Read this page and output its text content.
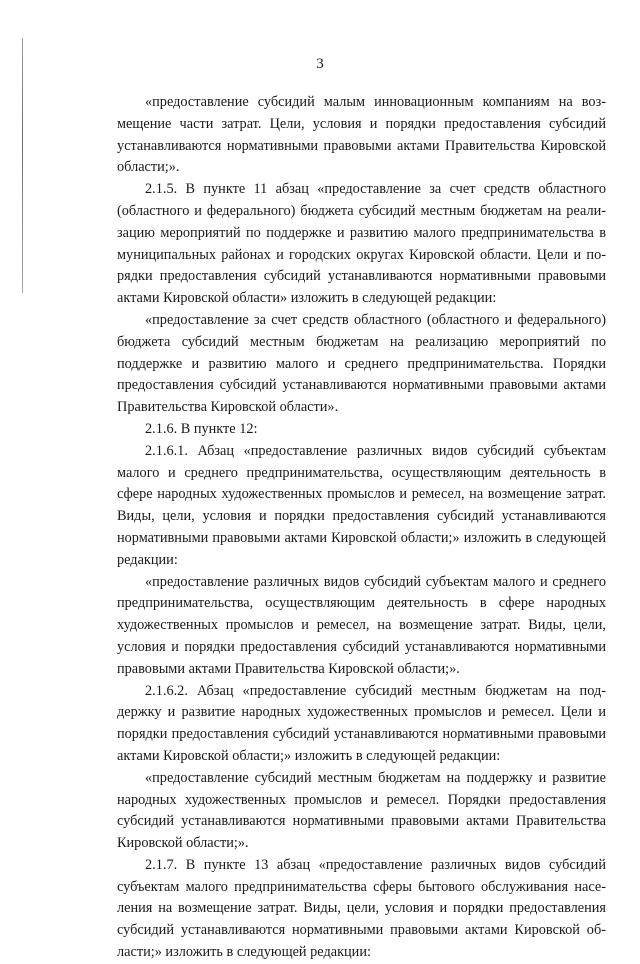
3

«предоставление субсидий малым инновационным компаниям на возмещение части затрат. Цели, условия и порядки предоставления субсидий устанавливаются нормативными правовыми актами Правительства Кировской области;».

2.1.5. В пункте 11 абзац «предоставление за счет средств областного (областного и федерального) бюджета субсидий местным бюджетам на реализацию мероприятий по поддержке и развитию малого предпринимательства в муниципальных районах и городских округах Кировской области. Цели и порядки предоставления субсидий устанавливаются нормативными правовыми актами Кировской области» изложить в следующей редакции:

«предоставление за счет средств областного (областного и федерального) бюджета субсидий местным бюджетам на реализацию мероприятий по поддержке и развитию малого и среднего предпринимательства. Порядки предоставления субсидий устанавливаются нормативными правовыми актами Правительства Кировской области».

2.1.6. В пункте 12:

2.1.6.1. Абзац «предоставление различных видов субсидий субъектам малого и среднего предпринимательства, осуществляющим деятельность в сфере народных художественных промыслов и ремесел, на возмещение затрат. Виды, цели, условия и порядки предоставления субсидий устанавливаются нормативными правовыми актами Кировской области;» изложить в следующей редакции:

«предоставление различных видов субсидий субъектам малого и среднего предпринимательства, осуществляющим деятельность в сфере народных художественных промыслов и ремесел, на возмещение затрат. Виды, цели, условия и порядки предоставления субсидий устанавливаются нормативными правовыми актами Правительства Кировской области;».

2.1.6.2. Абзац «предоставление субсидий местным бюджетам на поддержку и развитие народных художественных промыслов и ремесел. Цели и порядки предоставления субсидий устанавливаются нормативными правовыми актами Кировской области;» изложить в следующей редакции:

«предоставление субсидий местным бюджетам на поддержку и развитие народных художественных промыслов и ремесел. Порядки предоставления субсидий устанавливаются нормативными правовыми актами Правительства Кировской области;».

2.1.7. В пункте 13 абзац «предоставление различных видов субсидий субъектам малого предпринимательства сферы бытового обслуживания населения на возмещение затрат. Виды, цели, условия и порядки предоставления субсидий устанавливаются нормативными правовыми актами Кировской области;» изложить в следующей редакции:
